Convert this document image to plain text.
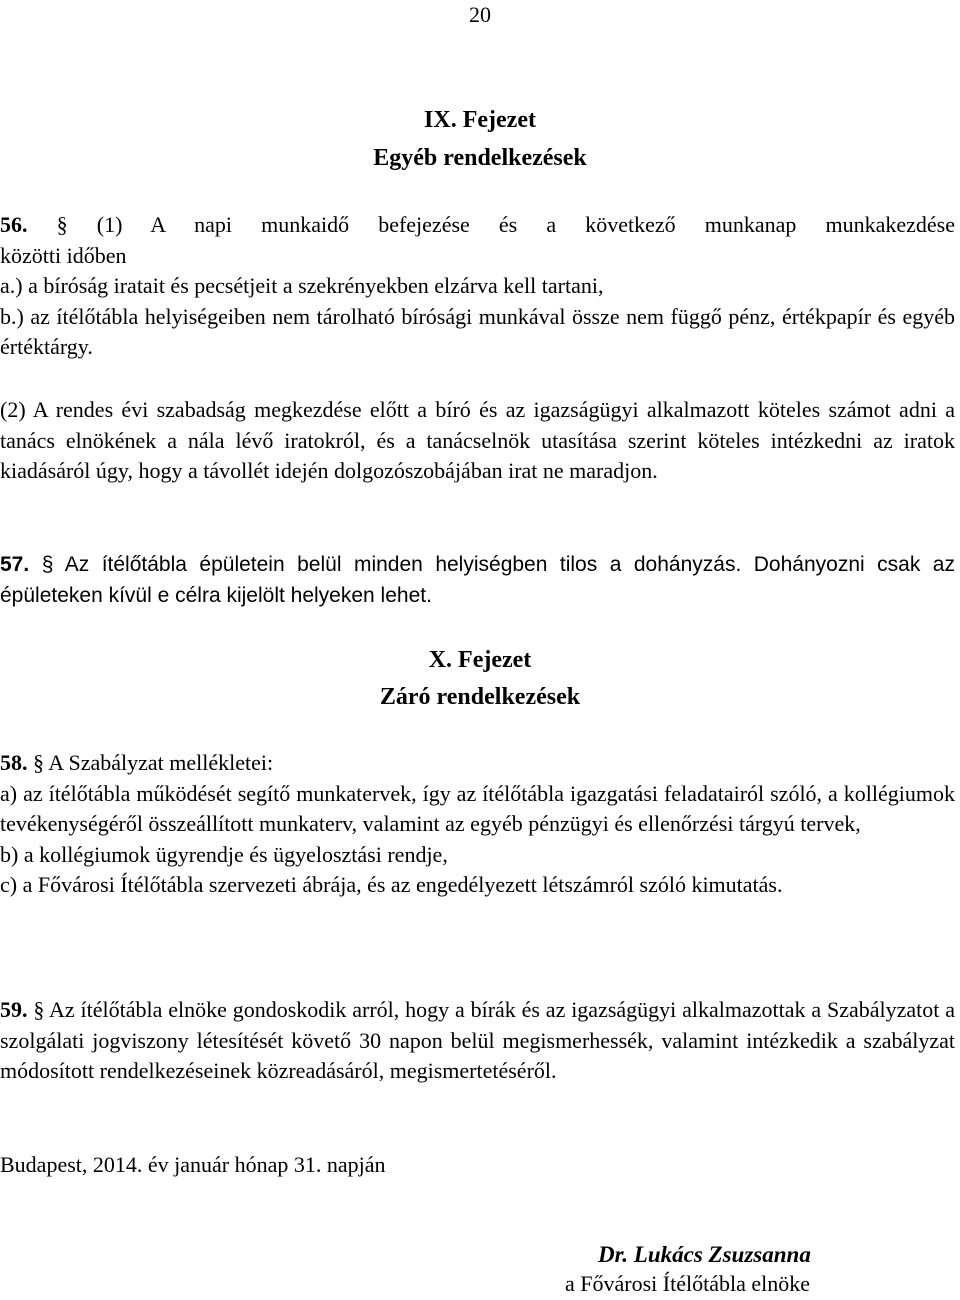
20
IX. Fejezet
Egyéb rendelkezések
56. § (1) A napi munkaidő befejezése és a következő munkanap munkakezdése
közötti időben
a.) a bíróság iratait és pecsétjeit a szekrényekben elzárva kell tartani,
b.) az ítélőtábla helyiségeiben nem tárolható bírósági munkával össze nem függő pénz, értékpapír és egyéb értéktárgy.
(2) A rendes évi szabadság megkezdése előtt a bíró és az igazságügyi alkalmazott köteles számot adni a tanács elnökének a nála lévő iratokról, és a tanácselnök utasítása szerint köteles intézkedni az iratok kiadásáról úgy, hogy a távollét idején dolgozószobájában irat ne maradjon.
57. § Az ítélőtábla épületein belül minden helyiségben tilos a dohányzás. Dohányozni csak az épületeken kívül e célra kijelölt helyeken lehet.
X. Fejezet
Záró rendelkezések
58. § A Szabályzat mellékletei:
a) az ítélőtábla működését segítő munkatervek, így az ítélőtábla igazgatási feladatairól szóló, a kollégiumok tevékenységéről összeállított munkaterv, valamint az egyéb pénzügyi és ellenőrzési tárgyú tervek,
b) a kollégiumok ügyrendje és ügyelosztási rendje,
c) a Fővárosi Ítélőtábla szervezeti ábrája, és az engedélyezett létszámról szóló kimutatás.
59. § Az ítélőtábla elnöke gondoskodik arról, hogy a bírák és az igazságügyi alkalmazottak a Szabályzatot a szolgálati jogviszony létesítését követő 30 napon belül megismerhessék, valamint intézkedik a szabályzat módosított rendelkezéseinek közreadásáról, megismertetéséről.
Budapest, 2014. év január hónap 31. napján
Dr. Lukács Zsuzsanna
a Fővárosi Ítélőtábla elnöke
